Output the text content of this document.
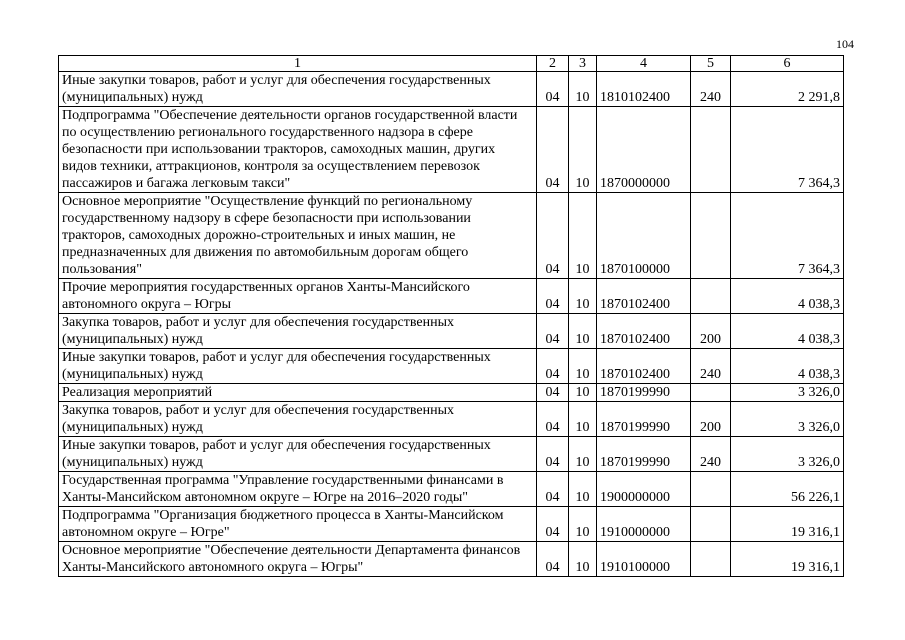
104
1	2	3	4	5	6
Иные закупки товаров, работ и услуг для обеспечения государственных (муниципальных) нужд	04	10	1810102400	240	2 291,8
Подпрограмма "Обеспечение деятельности органов государственной власти по осуществлению регионального государственного надзора в сфере безопасности при использовании тракторов, самоходных машин, других видов техники, аттракционов, контроля за осуществлением перевозок пассажиров и багажа легковым такси"	04	10	1870000000		7 364,3
Основное мероприятие "Осуществление функций по региональному государственному надзору в сфере безопасности при использовании тракторов, самоходных дорожно-строительных и иных машин, не предназначенных для движения по автомобильным дорогам общего пользования"	04	10	1870100000		7 364,3
Прочие мероприятия государственных органов Ханты-Мансийского автономного округа – Югры	04	10	1870102400		4 038,3
Закупка товаров, работ и услуг для обеспечения государственных (муниципальных) нужд	04	10	1870102400	200	4 038,3
Иные закупки товаров, работ и услуг для обеспечения государственных (муниципальных) нужд	04	10	1870102400	240	4 038,3
Реализация мероприятий	04	10	1870199990		3 326,0
Закупка товаров, работ и услуг для обеспечения государственных (муниципальных) нужд	04	10	1870199990	200	3 326,0
Иные закупки товаров, работ и услуг для обеспечения государственных (муниципальных) нужд	04	10	1870199990	240	3 326,0
Государственная программа "Управление государственными финансами в Ханты-Мансийском автономном округе – Югре на 2016–2020 годы"	04	10	1900000000		56 226,1
Подпрограмма "Организация бюджетного процесса в Ханты-Мансийском автономном округе – Югре"	04	10	1910000000		19 316,1
Основное мероприятие "Обеспечение деятельности Департамента финансов Ханты-Мансийского автономного округа – Югры"	04	10	1910100000		19 316,1
